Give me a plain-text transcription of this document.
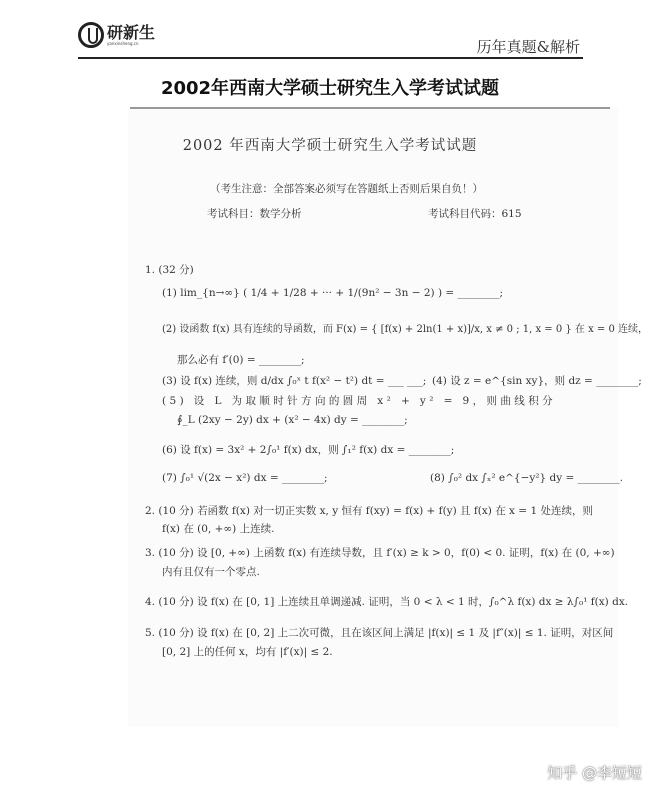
研新生
yanxinsheng.cn	历年真题&解析
2002年西南大学硕士研究生入学考试试题
2002 年西南大学硕士研究生入学考试试题
（考生注意：全部答案必须写在答题纸上否则后果自负！）
考试科目：数学分析	考试科目代码：615
1. (32 分)
(1) lim_{n→∞} ( 1/4 + 1/28 + ··· + 1/(9n² − 3n − 2) ) = ________;
(2) 设函数 f(x) 具有连续的导函数，而 F(x) = { [f(x) + 2ln(1 + x)]/x, x ≠ 0 ; 1, x = 0 } 在 x = 0 连续，
那么必有 f′(0) = ________;
(3) 设 f(x) 连续，则 d/dx ∫₀ˣ t f(x² − t²) dt = ___ ___; (4) 设 z = e^{sin xy}，则 dz = ________;
(5) 设 L 为取顺时针方向的圆周 x² + y² = 9，则曲线积分
∮_L (2xy − 2y) dx + (x² − 4x) dy = ________;
(6) 设 f(x) = 3x² + 2∫₀¹ f(x) dx，则 ∫₁² f(x) dx = ________;
(7) ∫₀¹ √(2x − x²) dx = ________;	(8) ∫₀² dx ∫ₓ² e^{−y²} dy = ________.
2. (10 分) 若函数 f(x) 对一切正实数 x, y 恒有 f(xy) = f(x) + f(y) 且 f(x) 在 x = 1 处连续，则
f(x) 在 (0, +∞) 上连续.
3. (10 分) 设 [0, +∞) 上函数 f(x) 有连续导数，且 f′(x) ≥ k > 0，f(0) < 0. 证明，f(x) 在 (0, +∞)
内有且仅有一个零点.
4. (10 分) 设 f(x) 在 [0, 1] 上连续且单调递减. 证明，当 0 < λ < 1 时，∫₀^λ f(x) dx ≥ λ∫₀¹ f(x) dx.
5. (10 分) 设 f(x) 在 [0, 2] 上二次可微，且在该区间上满足 |f(x)| ≤ 1 及 |f″(x)| ≤ 1. 证明，对区间
[0, 2] 上的任何 x，均有 |f′(x)| ≤ 2.
知乎 @李短短
